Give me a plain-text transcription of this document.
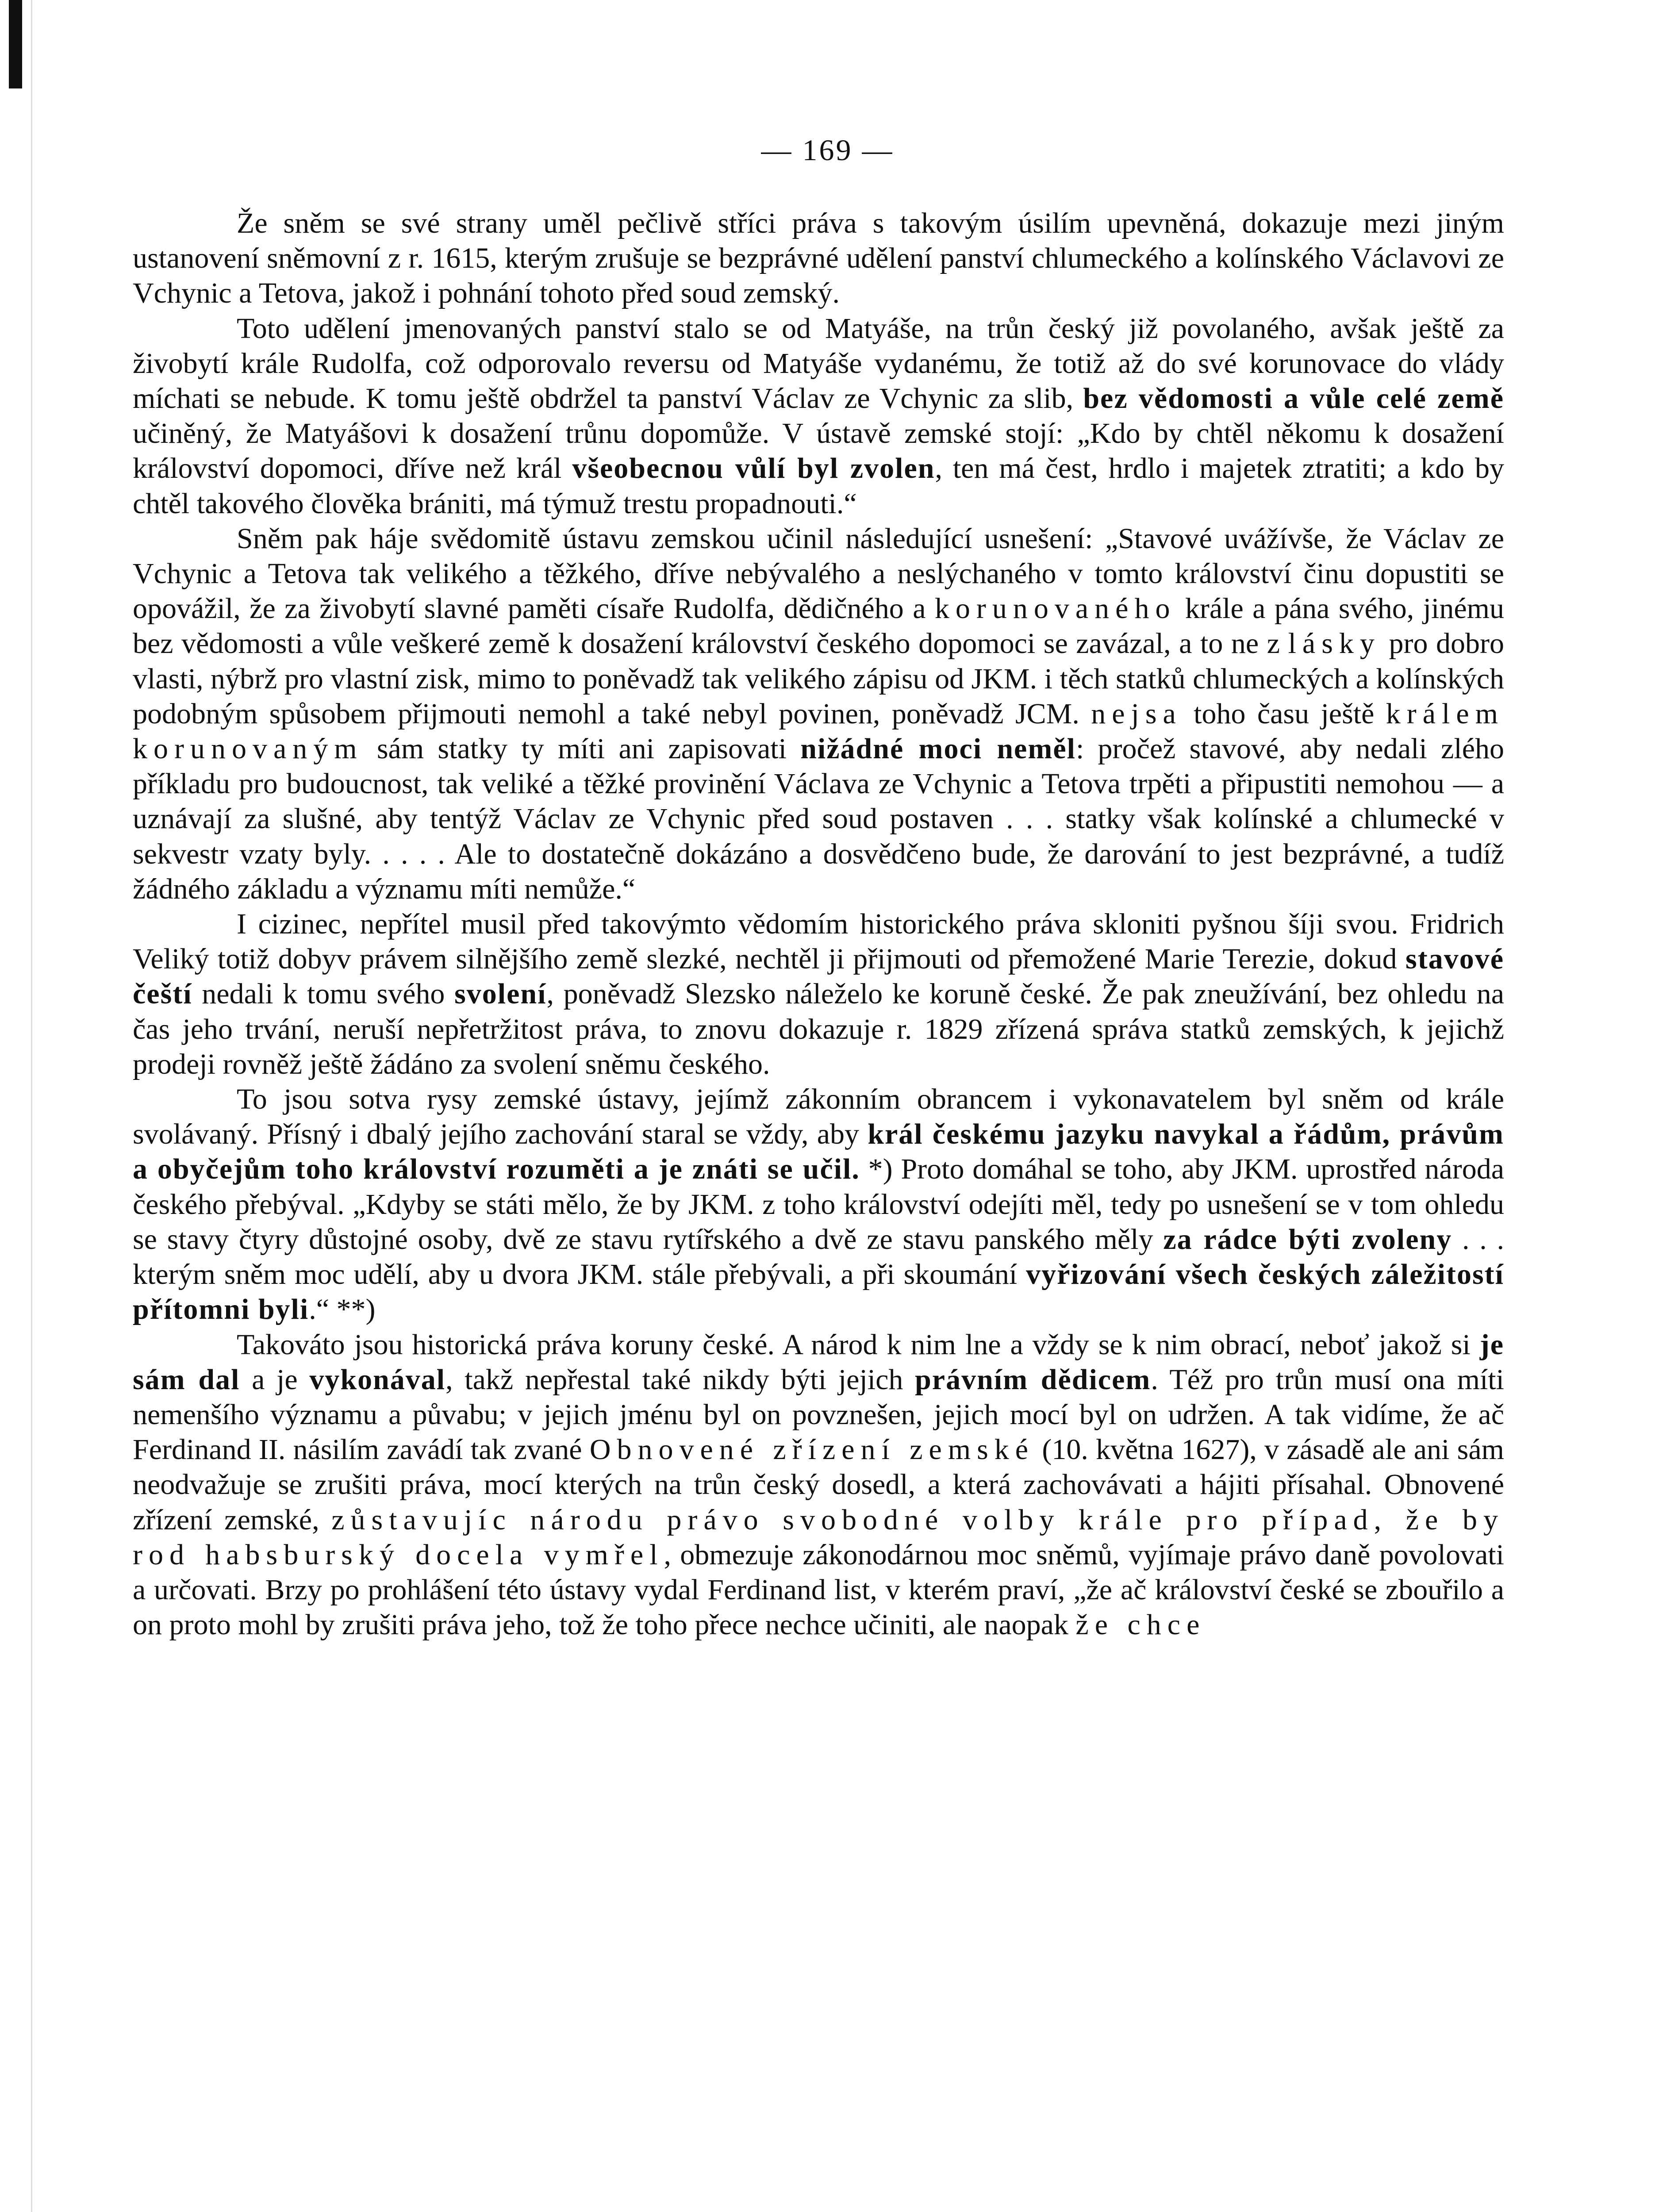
— 169 —

Že sněm se své strany uměl pečlivě stříci práva s takovým úsilím upevněná, dokazuje mezi jiným ustanovení sněmovní z r. 1615, kterým zrušuje se bezprávné udělení panství chlumeckého a kolínského Václavovi ze Vchynic a Tetova, jakož i pohnání tohoto před soud zemský.

Toto udělení jmenovaných panství stalo se od Matyáše, na trůn český již povolaného, avšak ještě za živobytí krále Rudolfa, což odporovalo reversu od Matyáše vydanému, že totiž až do své korunovace do vlády míchati se nebude. K tomu ještě obdržel ta panství Václav ze Vchynic za slib, bez vědomosti a vůle celé země učiněný, že Matyášovi k dosažení trůnu dopomůže. V ústavě zemské stojí: „Kdo by chtěl někomu k dosažení království dopomoci, dříve než král všeobecnou vůlí byl zvolen, ten má čest, hrdlo i majetek ztratiti; a kdo by chtěl takového člověka brániti, má týmuž trestu propadnouti.“

Sněm pak háje svědomitě ústavu zemskou učinil následující usnešení: „Stavové uvážívše, že Václav ze Vchynic a Tetova tak velikého a těžkého, dříve nebývalého a neslýchaného v tomto království činu dopustiti se opovážil, že za živobytí slavné paměti císaře Rudolfa, dědičného a korunovaného krále a pána svého, jinému bez vědomosti a vůle veškeré země k dosažení království českého dopomoci se zavázal, a to ne z lásky pro dobro vlasti, nýbrž pro vlastní zisk, mimo to poněvadž tak velikého zápisu od JKM. i těch statků chlumeckých a kolínských podobným spůsobem přijmouti nemohl a také nebyl povinen, poněvadž JCM. nejsa toho času ještě králem korunovaným sám statky ty míti ani zapisovati nižádné moci neměl: pročež stavové, aby nedali zlého příkladu pro budoucnost, tak veliké a těžké provinění Václava ze Vchynic a Tetova trpěti a připustiti nemohou — a uznávají za slušné, aby tentýž Václav ze Vchynic před soud postaven . . . statky však kolínské a chlumecké v sekvestr vzaty byly. . . . . Ale to dostatečně dokázáno a dosvědčeno bude, že darování to jest bezprávné, a tudíž žádného základu a významu míti nemůže.“

I cizinec, nepřítel musil před takovýmto vědomím historického práva skloniti pyšnou šíji svou. Fridrich Veliký totiž dobyv právem silnějšího země slezké, nechtěl ji přijmouti od přemožené Marie Terezie, dokud stavové čeští nedali k tomu svého svolení, poněvadž Slezsko náleželo ke koruně české. Že pak zneužívání, bez ohledu na čas jeho trvání, neruší nepřetržitost práva, to znovu dokazuje r. 1829 zřízená správa statků zemských, k jejichž prodeji rovněž ještě žádáno za svolení sněmu českého.

To jsou sotva rysy zemské ústavy, jejímž zákonním obrancem i vykonavatelem byl sněm od krále svolávaný. Přísný i dbalý jejího zachování staral se vždy, aby král českému jazyku navykal a řádům, právům a obyčejům toho království rozuměti a je znáti se učil. *) Proto domáhal se toho, aby JKM. uprostřed národa českého přebýval. „Kdyby se státi mělo, že by JKM. z toho království odejíti měl, tedy po usnešení se v tom ohledu se stavy čtyry důstojné osoby, dvě ze stavu rytířského a dvě ze stavu panského měly za rádce býti zvoleny . . . kterým sněm moc udělí, aby u dvora JKM. stále přebývali, a při skoumání vyřizování všech českých záležitostí přítomni byli.“ **)

Takováto jsou historická práva koruny české. A národ k nim lne a vždy se k nim obrací, neboť jakož si je sám dal a je vykonával, takž nepřestal také nikdy býti jejich právním dědicem. Též pro trůn musí ona míti nemenšího významu a půvabu; v jejich jménu byl on povznešen, jejich mocí byl on udržen. A tak vidíme, že ač Ferdinand II. násilím zavádí tak zvané Obnovené zřízení zemské (10. května 1627), v zásadě ale ani sám neodvažuje se zrušiti práva, mocí kterých na trůn český dosedl, a která zachovávati a hájiti přísahal. Obnovené zřízení zemské, zůstavujíc národu právo svobodné volby krále pro případ, že by rod habsburský docela vymřel, obmezuje zákonodárnou moc sněmů, vyjímaje právo daně povolovati a určovati. Brzy po prohlášení této ústavy vydal Ferdinand list, v kterém praví, „že ač království české se zbouřilo a on proto mohl by zrušiti práva jeho, tož že toho přece nechce učiniti, ale naopak že chce
